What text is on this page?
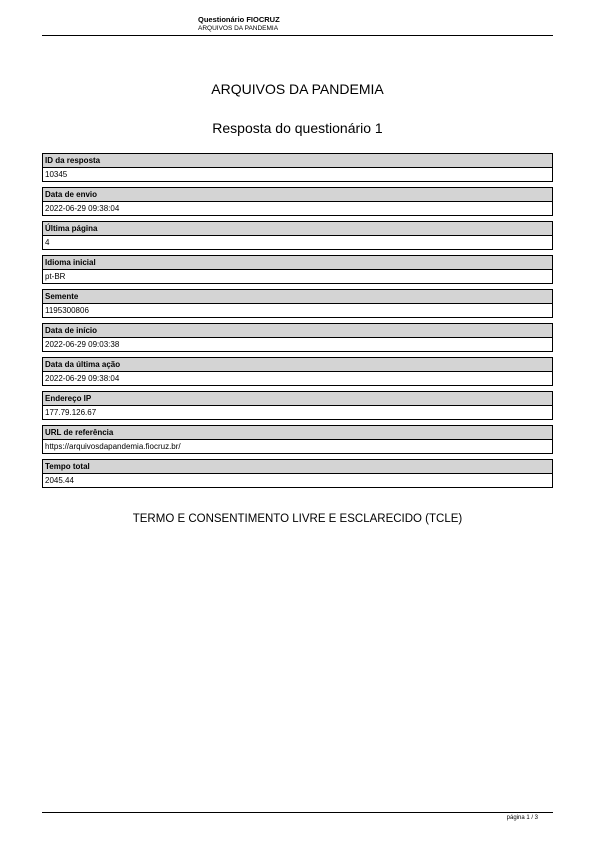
Questionário FIOCRUZ
ARQUIVOS DA PANDEMIA
ARQUIVOS DA PANDEMIA
Resposta do questionário 1
ID da resposta
10345
Data de envio
2022-06-29 09:38:04
Última página
4
Idioma inicial
pt-BR
Semente
1195300806
Data de início
2022-06-29 09:03:38
Data da última ação
2022-06-29 09:38:04
Endereço IP
177.79.126.67
URL de referência
https://arquivosdapandemia.fiocruz.br/
Tempo total
2045.44
TERMO E CONSENTIMENTO LIVRE E ESCLARECIDO (TCLE)
página 1 / 3
